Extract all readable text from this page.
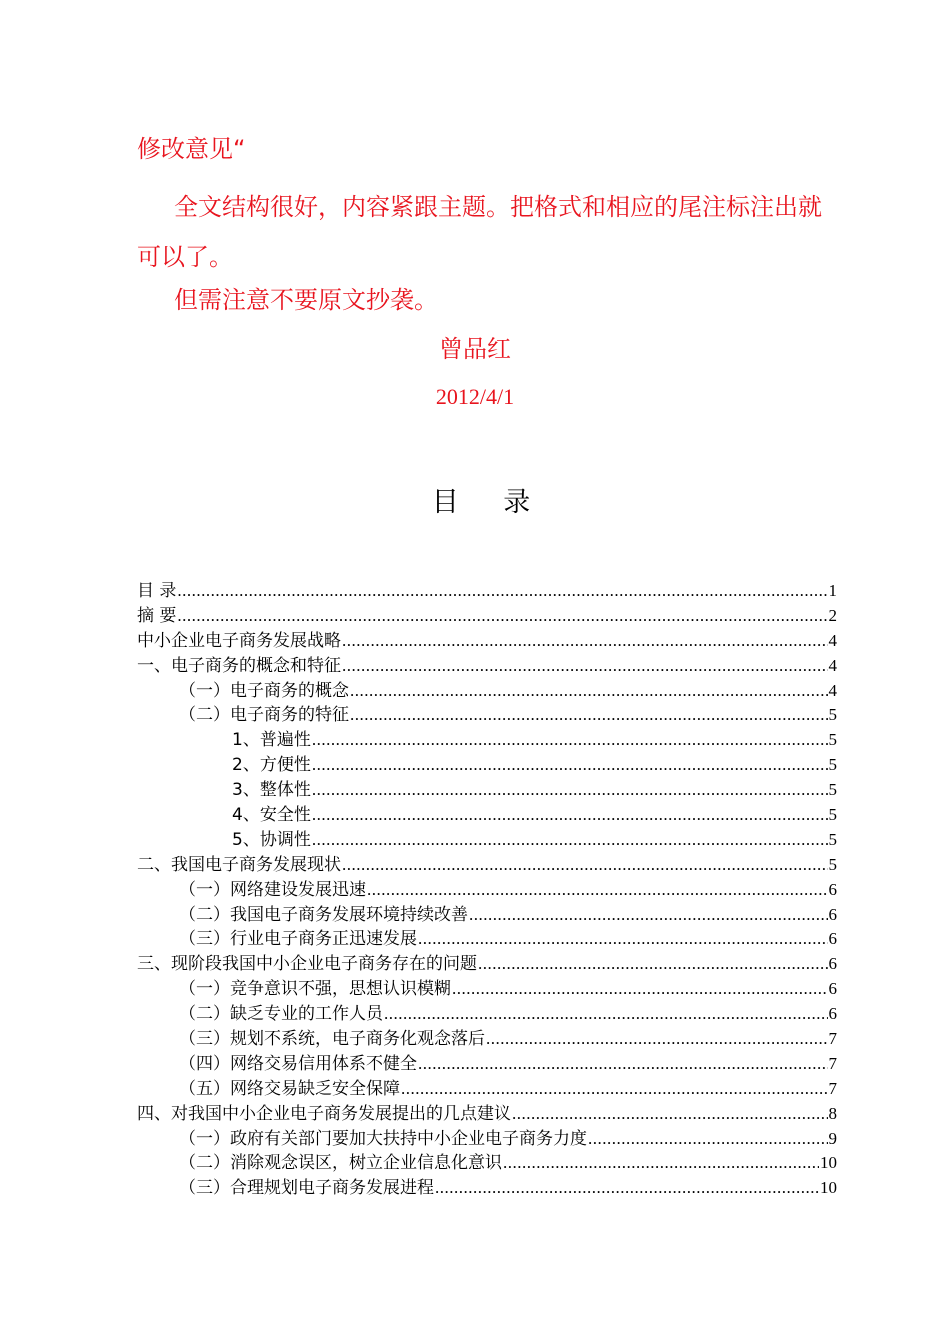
修改意见“

全文结构很好，内容紧跟主题。把格式和相应的尾注标注出就可以了。

但需注意不要原文抄袭。
曾品红
2012/4/1
目 录
目 录 .....	1
摘 要 .....	2
中小企业电子商务发展战略 .....	4
一、电子商务的概念和特征 .....	4
（一）电子商务的概念 .....	4
（二）电子商务的特征 .....	5
1、普遍性 .....	5
2、方便性 .....	5
3、整体性 .....	5
4、安全性 .....	5
5、协调性 .....	5
二、我国电子商务发展现状 .....	5
（一）网络建设发展迅速 .....	6
（二）我国电子商务发展环境持续改善 .....	6
（三）行业电子商务正迅速发展 .....	6
三、现阶段我国中小企业电子商务存在的问题 .....	6
（一）竞争意识不强，思想认识模糊 .....	6
（二）缺乏专业的工作人员 .....	6
（三）规划不系统，电子商务化观念落后 .....	7
（四）网络交易信用体系不健全 .....	7
（五）网络交易缺乏安全保障 .....	7
四、对我国中小企业电子商务发展提出的几点建议 .....	8
（一）政府有关部门要加大扶持中小企业电子商务力度 .....	9
（二）消除观念误区，树立企业信息化意识 .....	10
（三）合理规划电子商务发展进程 .....	10
